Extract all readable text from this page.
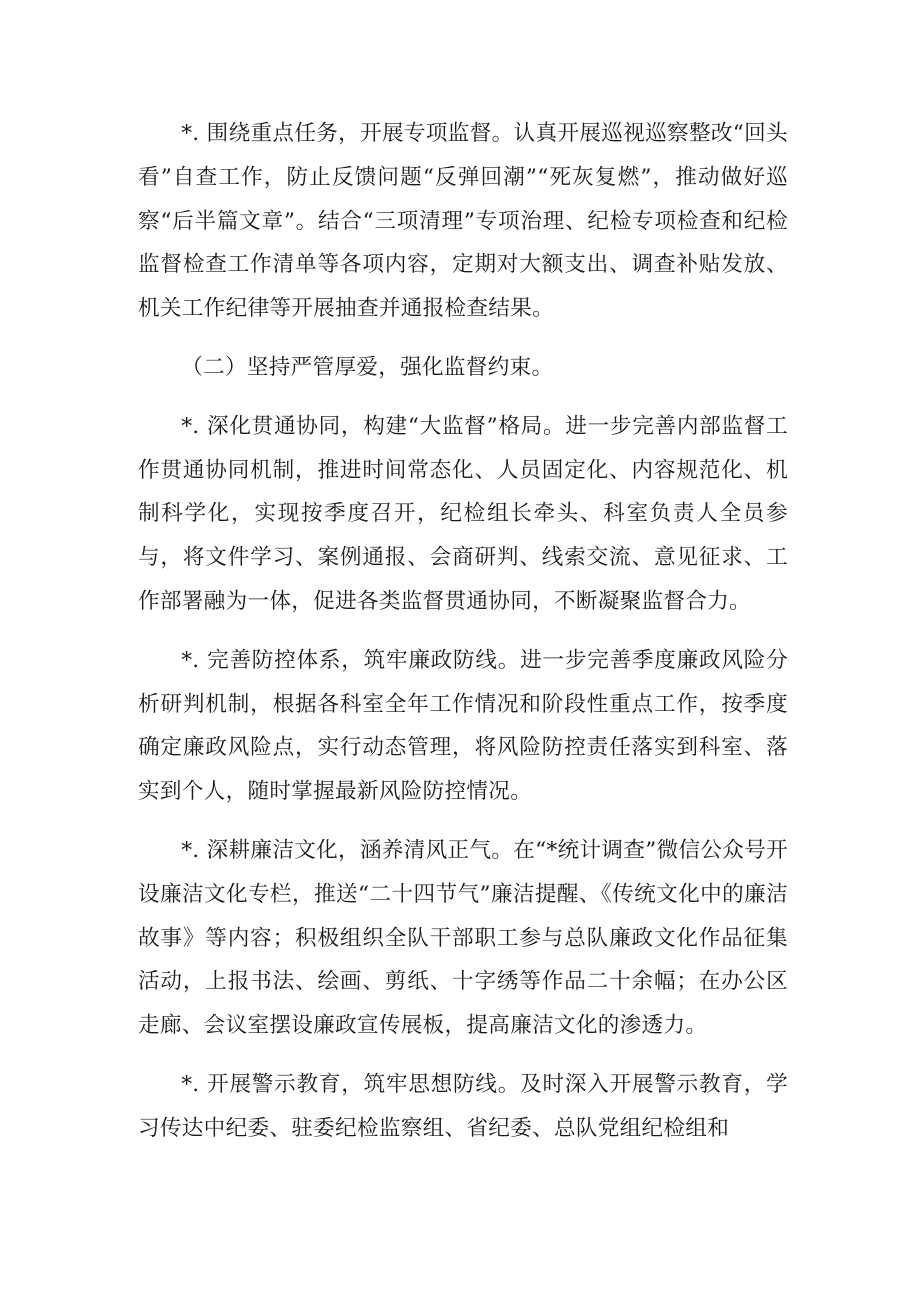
*. 围绕重点任务，开展专项监督。认真开展巡视巡察整改“回头看”自查工作，防止反馈问题“反弹回潮”“死灰复燃”，推动做好巡察“后半篇文章”。结合“三项清理”专项治理、纪检专项检查和纪检监督检查工作清单等各项内容，定期对大额支出、调查补贴发放、机关工作纪律等开展抽查并通报检查结果。

（二）坚持严管厚爱，强化监督约束。

*. 深化贯通协同，构建“大监督”格局。进一步完善内部监督工作贯通协同机制，推进时间常态化、人员固定化、内容规范化、机制科学化，实现按季度召开，纪检组长牵头、科室负责人全员参与，将文件学习、案例通报、会商研判、线索交流、意见征求、工作部署融为一体，促进各类监督贯通协同，不断凝聚监督合力。

*. 完善防控体系，筑牢廉政防线。进一步完善季度廉政风险分析研判机制，根据各科室全年工作情况和阶段性重点工作，按季度确定廉政风险点，实行动态管理，将风险防控责任落实到科室、落实到个人，随时掌握最新风险防控情况。

*. 深耕廉洁文化，涵养清风正气。在“*统计调查”微信公众号开设廉洁文化专栏，推送“二十四节气”廉洁提醒、《传统文化中的廉洁故事》等内容；积极组织全队干部职工参与总队廉政文化作品征集活动，上报书法、绘画、剪纸、十字绣等作品二十余幅；在办公区走廊、会议室摆设廉政宣传展板，提高廉洁文化的渗透力。

*. 开展警示教育，筑牢思想防线。及时深入开展警示教育，学习传达中纪委、驻委纪检监察组、省纪委、总队党组纪检组和
